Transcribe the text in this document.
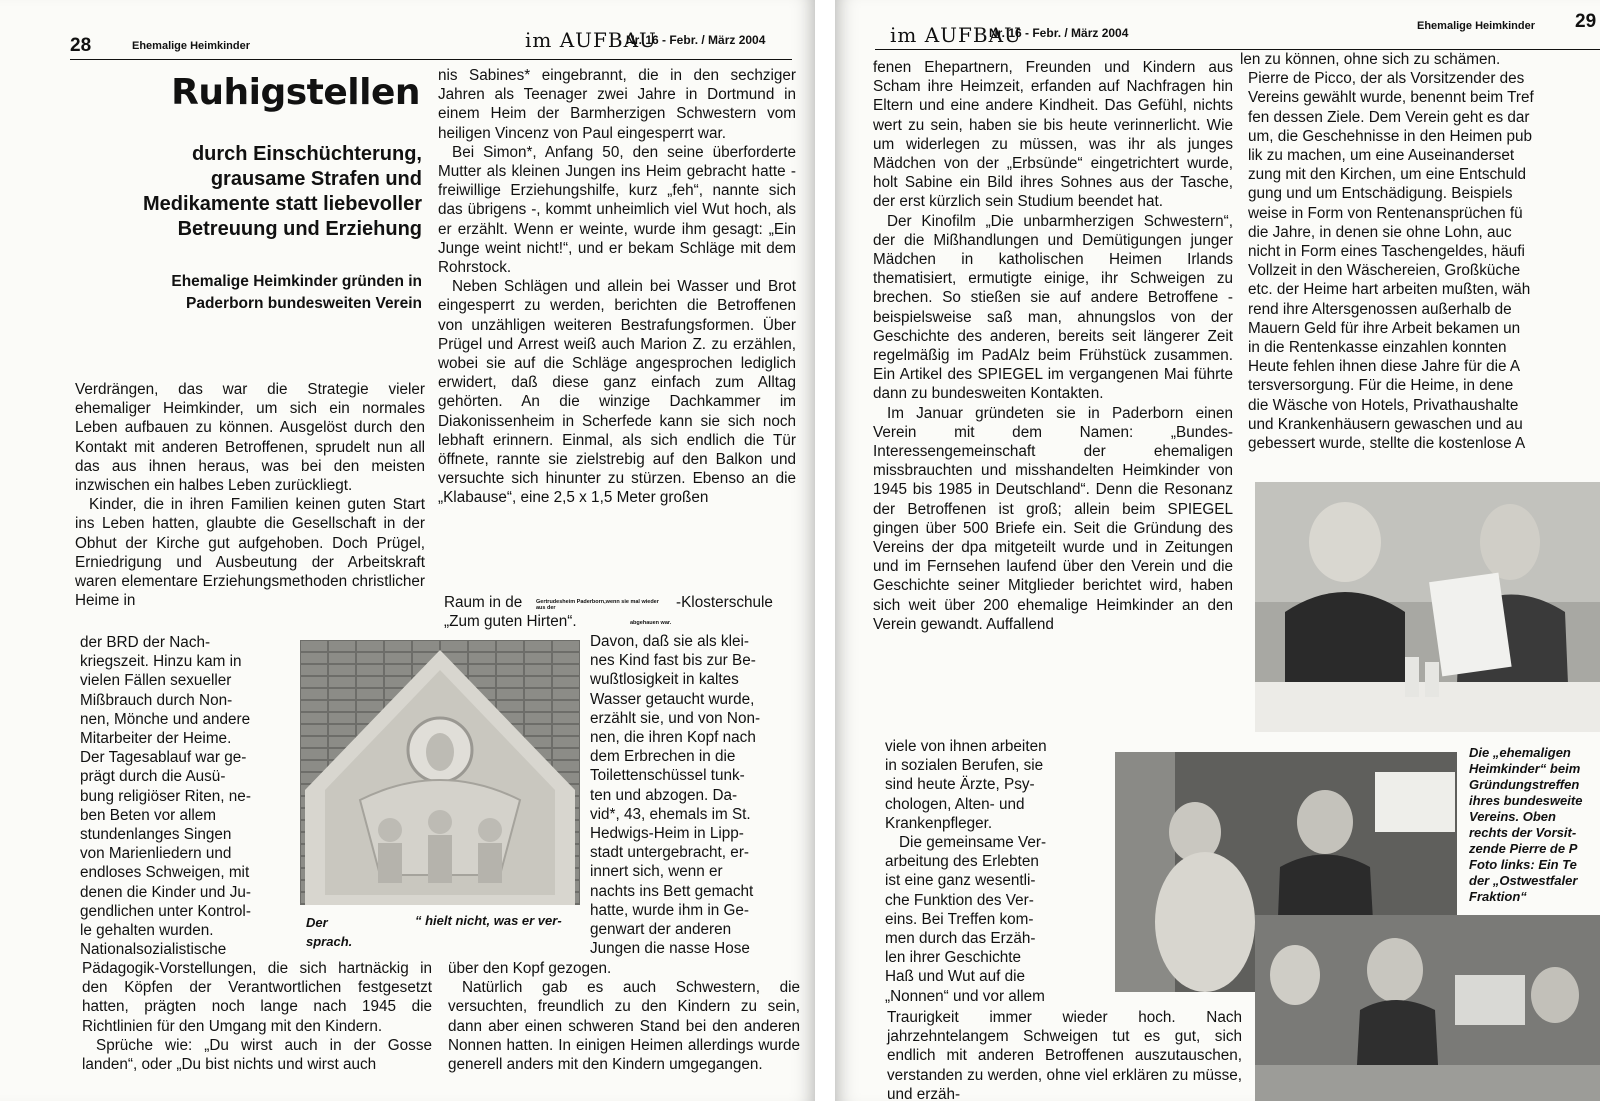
28	Ehemalige Heimkinder	im AUFBAU
Nr. 16 - Febr. / März 2004
Ruhigstellen
durch Einschüchterung,
grausame Strafen und
Medikamente statt liebevoller
Betreuung und Erziehung
Ehemalige Heimkinder gründen in
Paderborn bundesweiten Verein

Verdrängen, das war die Strategie vieler ehemaliger Heimkinder, um sich ein normales Leben aufbauen zu können. Ausgelöst durch den Kontakt mit anderen Betroffenen, sprudelt nun all das aus ihnen heraus, was bei den meisten inzwischen ein halbes Leben zurückliegt.

Kinder, die in ihren Familien keinen guten Start ins Leben hatten, glaubte die Gesellschaft in der Obhut der Kirche gut aufgehoben. Doch Prügel, Erniedrigung und Ausbeutung der Arbeitskraft waren elementare Erziehungsmethoden christlicher Heime in

der BRD der Nach-
kriegszeit. Hinzu kam in
vielen Fällen sexueller
Mißbrauch durch Non-
nen, Mönche und andere
Mitarbeiter der Heime.
Der Tagesablauf war ge-
prägt durch die Ausü-
bung religiöser Riten, ne-
ben Beten vor allem
stundenlanges Singen
von Marienliedern und
endloses Schweigen, mit
denen die Kinder und Ju-
gendlichen unter Kontrol-
le gehalten wurden.
Nationalsozialistische

Pädagogik-Vorstellungen, die sich hartnäckig in den Köpfen der Verantwortlichen festgesetzt hatten, prägten noch lange nach 1945 die Richtlinien für den Umgang mit den Kindern.

Sprüche wie: „Du wirst auch in der Gosse landen“, oder „Du bist nichts und wirst auch

Der
sprach.
“ hielt nicht, was er ver-

nis Sabines* eingebrannt, die in den sechziger Jahren als Teenager zwei Jahre in Dortmund in einem Heim der Barmherzigen Schwestern vom heiligen Vincenz von Paul eingesperrt war.

Bei Simon*, Anfang 50, den seine überforderte Mutter als kleinen Jungen ins Heim gebracht hatte - freiwillige Erziehungshilfe, kurz „feh“, nannte sich das übrigens -, kommt unheimlich viel Wut hoch, als er erzählt. Wenn er weinte, wurde ihm gesagt: „Ein Junge weint nicht!“, und er bekam Schläge mit dem Rohrstock.

Neben Schlägen und allein bei Wasser und Brot eingesperrt zu werden, berichten die Betroffenen von unzähligen weiteren Bestrafungsformen. Über Prügel und Arrest weiß auch Marion Z. zu erzählen, wobei sie auf die Schläge angesprochen lediglich erwidert, daß diese ganz einfach zum Alltag gehörten. An die winzige Dachkammer im Diakonissenheim in Scherfede kann sie sich noch lebhaft erinnern. Einmal, als sich endlich die Tür öffnete, rannte sie zielstrebig auf den Balkon und versuchte sich hinunter zu stürzen. Ebenso an die „Klabause“, eine 2,5 x 1,5 Meter großen

Raum in de	Gertrudesheim Paderborn,wenn sie mal wieder aus der	-Klosterschule

„Zum guten Hirten“.	abgehauen war.

Davon, daß sie als klei-
nes Kind fast bis zur Be-
wußtlosigkeit in kaltes
Wasser getaucht wurde,
erzählt sie, und von Non-
nen, die ihren Kopf nach
dem Erbrechen in die
Toilettenschüssel tunk-
ten und abzogen. Da-
vid*, 43, ehemals im St.
Hedwigs-Heim in Lipp-
stadt untergebracht, er-
innert sich, wenn er
nachts ins Bett gemacht
hatte, wurde ihm in Ge-
genwart der anderen
Jungen die nasse Hose

über den Kopf gezogen.

Natürlich gab es auch Schwestern, die versuchten, freundlich zu den Kindern zu sein, dann aber einen schweren Stand bei den anderen Nonnen hatten. In einigen Heimen allerdings wurde generell anders mit den Kindern umgegangen.

im AUFBAU
Nr. 16 - Febr. / März 2004	Ehemalige Heimkinder 29

fenen Ehepartnern, Freunden und Kindern aus Scham ihre Heimzeit, erfanden auf Nachfragen hin Eltern und eine andere Kindheit. Das Gefühl, nichts wert zu sein, haben sie bis heute verinnerlicht. Wie um widerlegen zu müssen, was ihr als junges Mädchen von der „Erbsünde“ eingetrichtert wurde, holt Sabine ein Bild ihres Sohnes aus der Tasche, der erst kürzlich sein Studium beendet hat.

Der Kinofilm „Die unbarmherzigen Schwestern“, der die Mißhandlungen und Demütigungen junger Mädchen in katholischen Heimen Irlands thematisiert, ermutigte einige, ihr Schweigen zu brechen. So stießen sie auf andere Betroffene - beispielsweise saß man, ahnungslos von der Geschichte des anderen, bereits seit längerer Zeit regelmäßig im PadAlz beim Frühstück zusammen. Ein Artikel des SPIEGEL im vergangenen Mai führte dann zu bundesweiten Kontakten.

Im Januar gründeten sie in Paderborn einen Verein mit dem Namen: „Bundes-Interessengemeinschaft der ehemaligen missbrauchten und misshandelten Heimkinder von 1945 bis 1985 in Deutschland“. Denn die Resonanz der Betroffenen ist groß; allein beim SPIEGEL gingen über 500 Briefe ein. Seit die Gründung des Vereins der dpa mitgeteilt wurde und in Zeitungen und im Fernsehen laufend über den Verein und die Geschichte seiner Mitglieder berichtet wird, haben sich weit über 200 ehemalige Heimkinder an den Verein gewandt. Auffallend

viele von ihnen arbeiten
in sozialen Berufen, sie
sind heute Ärzte, Psy-
chologen, Alten- und
Krankenpfleger.

Die gemeinsame Ver-
arbeitung des Erlebten
ist eine ganz wesentli-
che Funktion des Ver-
eins. Bei Treffen kom-
men durch das Erzäh-
len ihrer Geschichte
Haß und Wut auf die
„Nonnen“ und vor allem

Traurigkeit immer wieder hoch. Nach jahrzehntelangem Schweigen tut es gut, sich endlich mit anderen Betroffenen auszutauschen, verstanden zu werden, ohne viel erklären zu müsse, und erzäh-

len zu können, ohne sich zu schämen.

Pierre de Picco, der als Vorsitzender des
Vereins gewählt wurde, benennt beim Tref
fen dessen Ziele. Dem Verein geht es dar
um, die Geschehnisse in den Heimen pub
lik zu machen, um eine Auseinanderset
zung mit den Kirchen, um eine Entschuld
gung und um Entschädigung. Beispiels
weise in Form von Rentenansprüchen fü
die Jahre, in denen sie ohne Lohn, auc
nicht in Form eines Taschengeldes, häufi
Vollzeit in den Wäschereien, Großküche
etc. der Heime hart arbeiten mußten, wäh
rend ihre Altersgenossen außerhalb de
Mauern Geld für ihre Arbeit bekamen un
in die Rentenkasse einzahlen konnten
Heute fehlen ihnen diese Jahre für die A
tersversorgung. Für die Heime, in dene
die Wäsche von Hotels, Privathaushalte
und Krankenhäusern gewaschen und au
gebessert wurde, stellte die kostenlose A

Die „ehemaligen
Heimkinder“ beim
Gründungstreffen
ihres bundesweite
Vereins. Oben
rechts der Vorsit-
zende Pierre de P
Foto links: Ein Te
der „Ostwestfaler
Fraktion“
